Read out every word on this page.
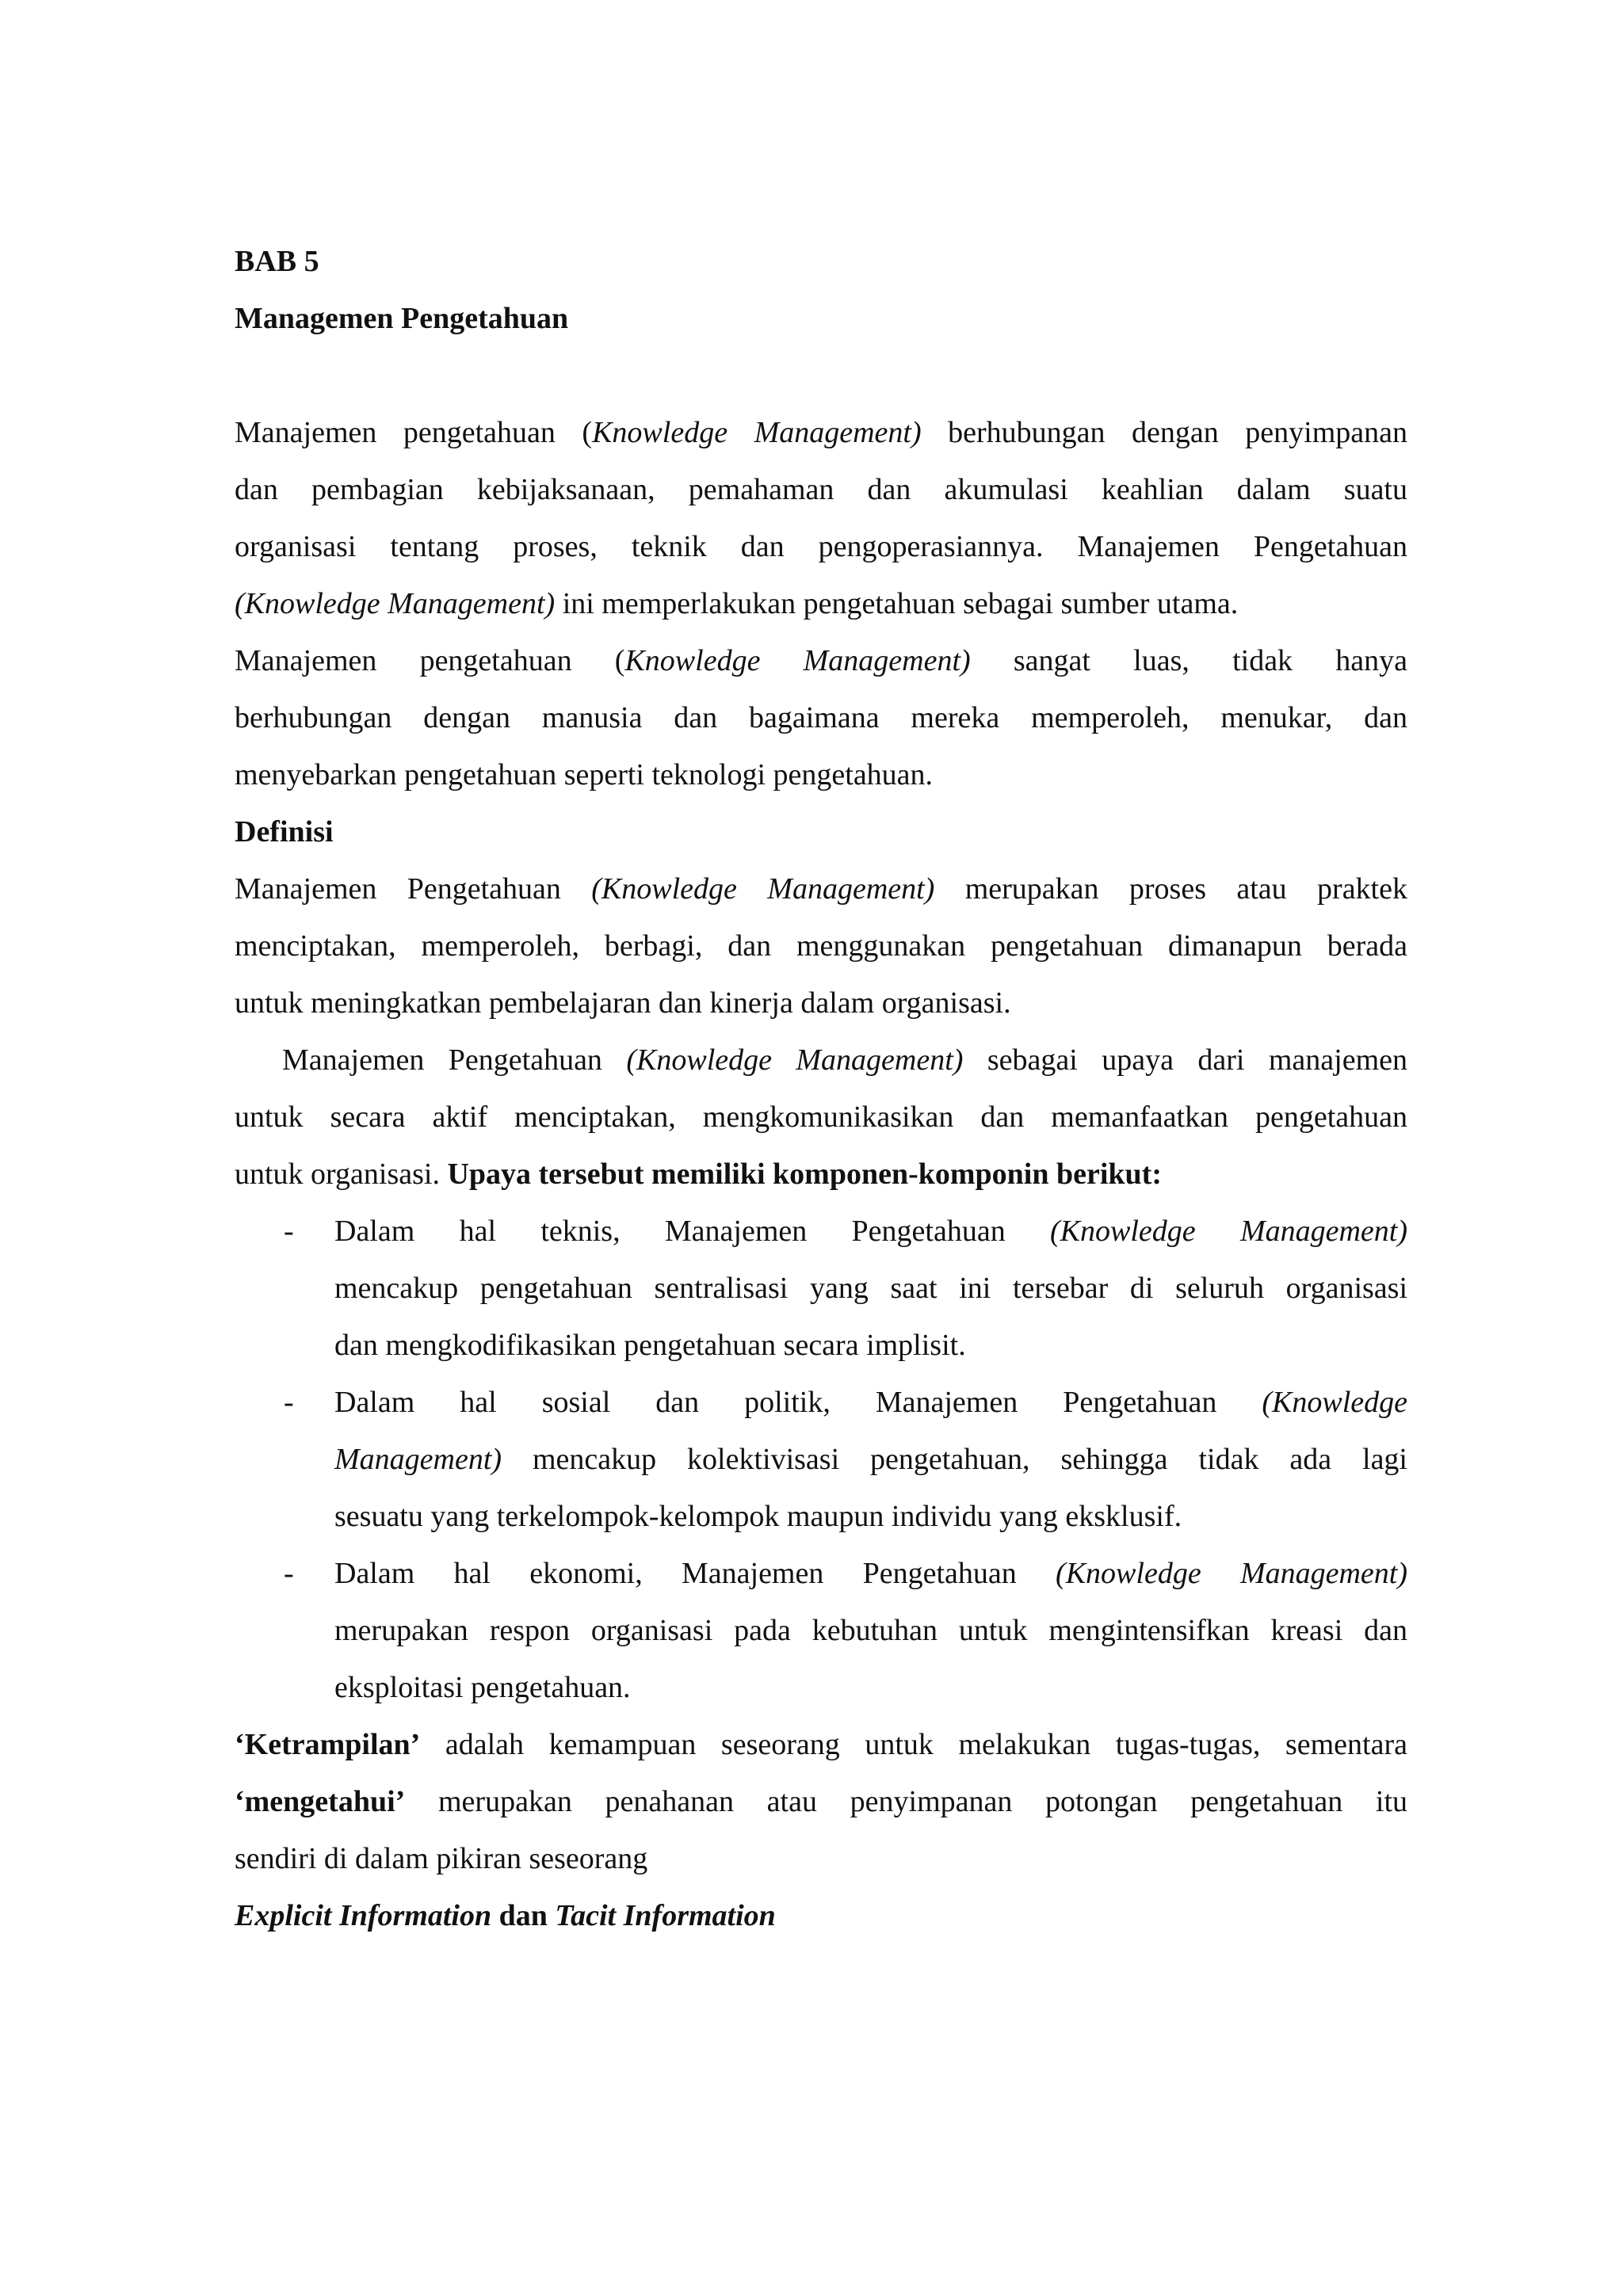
BAB 5
Managemen Pengetahuan
Manajemen pengetahuan (Knowledge Management) berhubungan dengan penyimpanan
dan pembagian kebijaksanaan, pemahaman dan akumulasi keahlian dalam suatu
organisasi tentang proses, teknik dan pengoperasiannya. Manajemen Pengetahuan
(Knowledge Management) ini memperlakukan pengetahuan sebagai sumber utama.
Manajemen pengetahuan (Knowledge Management) sangat luas, tidak hanya
berhubungan dengan manusia dan bagaimana mereka memperoleh, menukar, dan
menyebarkan pengetahuan seperti teknologi pengetahuan.
Definisi
Manajemen Pengetahuan (Knowledge Management) merupakan proses atau praktek
menciptakan, memperoleh, berbagi, dan menggunakan pengetahuan dimanapun berada
untuk meningkatkan pembelajaran dan kinerja dalam organisasi.
Manajemen Pengetahuan (Knowledge Management) sebagai upaya dari manajemen
untuk secara aktif menciptakan, mengkomunikasikan dan memanfaatkan pengetahuan
untuk organisasi. Upaya tersebut memiliki komponen-komponin berikut:
-	Dalam hal teknis, Manajemen Pengetahuan (Knowledge Management)
mencakup pengetahuan sentralisasi yang saat ini tersebar di seluruh organisasi
dan mengkodifikasikan pengetahuan secara implisit.
-	Dalam hal sosial dan politik, Manajemen Pengetahuan (Knowledge
Management) mencakup kolektivisasi pengetahuan, sehingga tidak ada lagi
sesuatu yang terkelompok-kelompok maupun individu yang eksklusif.
-	Dalam hal ekonomi, Manajemen Pengetahuan (Knowledge Management)
merupakan respon organisasi pada kebutuhan untuk mengintensifkan kreasi dan
eksploitasi pengetahuan.
‘Ketrampilan’ adalah kemampuan seseorang untuk melakukan tugas-tugas, sementara
‘mengetahui’ merupakan penahanan atau penyimpanan potongan pengetahuan itu
sendiri di dalam pikiran seseorang
Explicit Information dan Tacit Information
